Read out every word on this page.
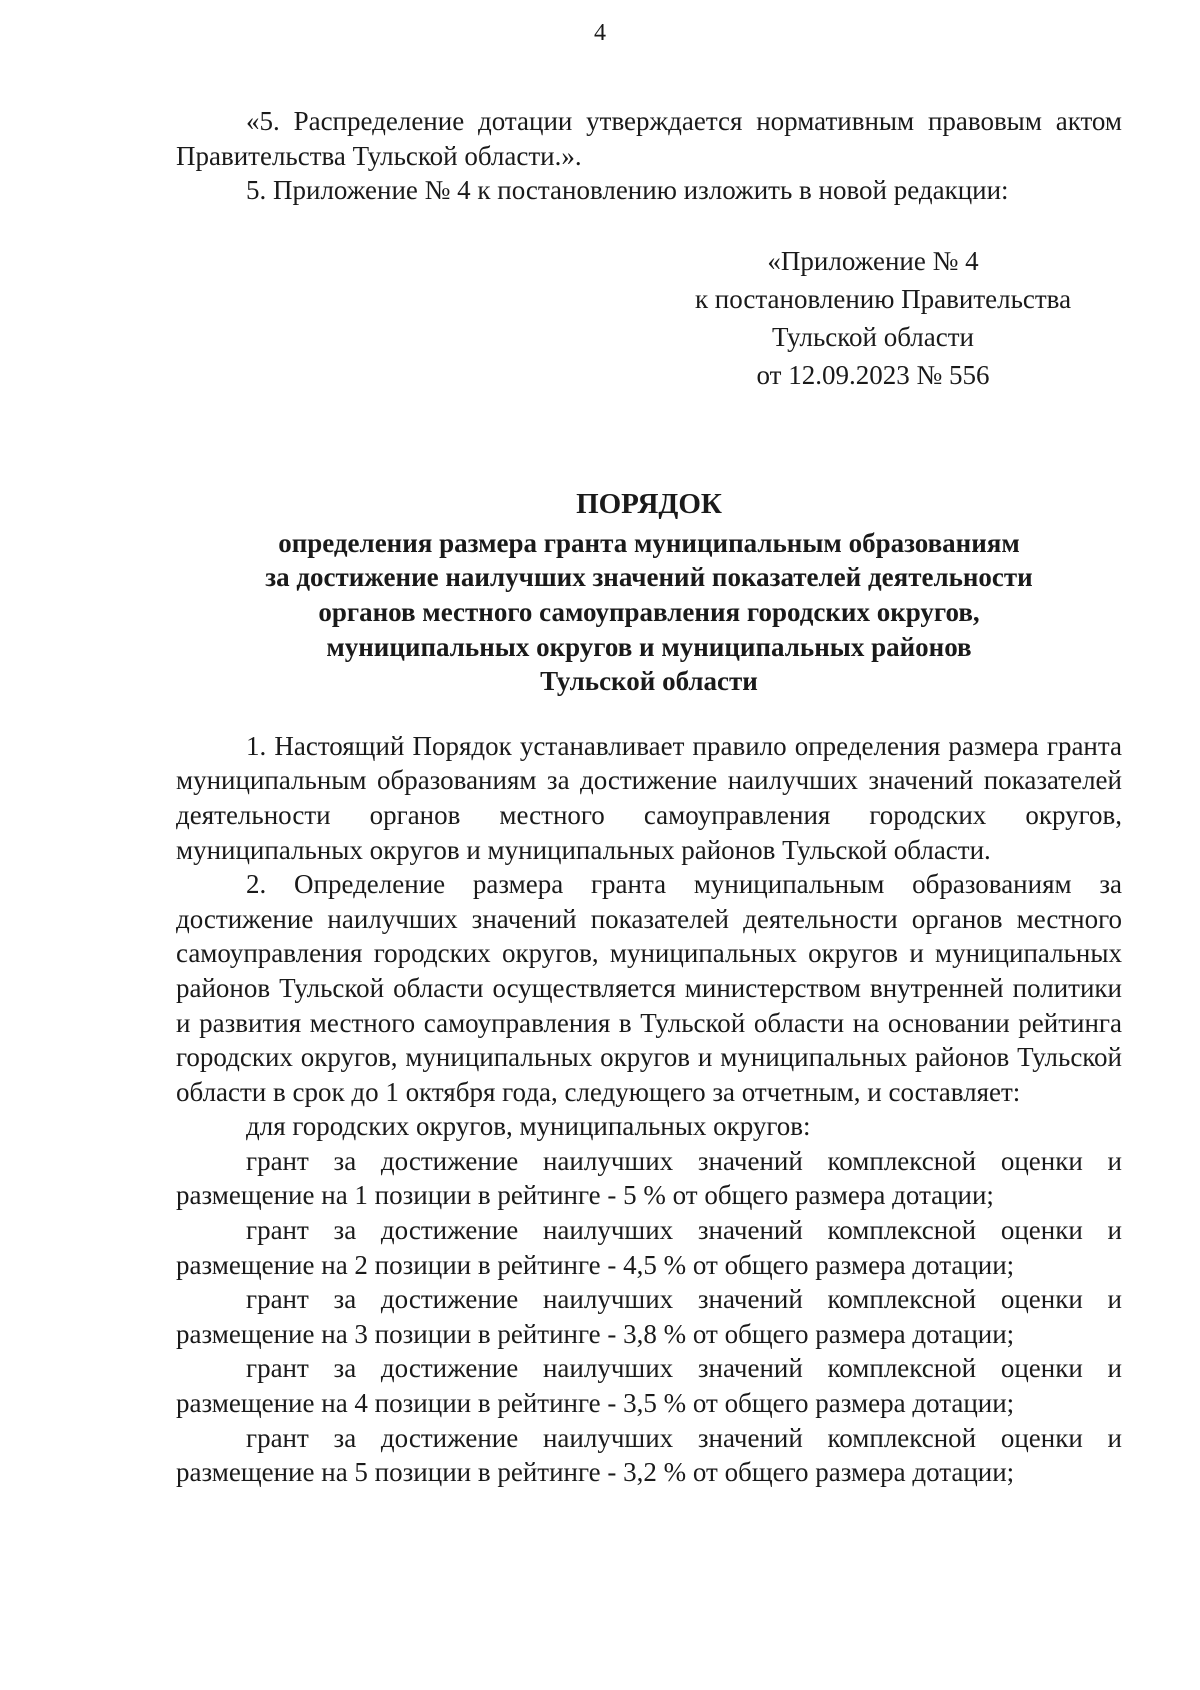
4

«5. Распределение дотации утверждается нормативным правовым актом Правительства Тульской области.».

5. Приложение № 4 к постановлению изложить в новой редакции:

«Приложение № 4
к постановлению Правительства
Тульской области
от 12.09.2023 № 556
ПОРЯДОК
определения размера гранта муниципальным образованиям
за достижение наилучших значений показателей деятельности
органов местного самоуправления городских округов,
муниципальных округов и муниципальных районов
Тульской области

1. Настоящий Порядок устанавливает правило определения размера гранта муниципальным образованиям за достижение наилучших значений показателей деятельности органов местного самоуправления городских округов, муниципальных округов и муниципальных районов Тульской области.

2. Определение размера гранта муниципальным образованиям за достижение наилучших значений показателей деятельности органов местного самоуправления городских округов, муниципальных округов и муниципальных районов Тульской области осуществляется министерством внутренней политики и развития местного самоуправления в Тульской области на основании рейтинга городских округов, муниципальных округов и муниципальных районов Тульской области в срок до 1 октября года, следующего за отчетным, и составляет:

для городских округов, муниципальных округов:

грант за достижение наилучших значений комплексной оценки и размещение на 1 позиции в рейтинге - 5 % от общего размера дотации;

грант за достижение наилучших значений комплексной оценки и размещение на 2 позиции в рейтинге - 4,5 % от общего размера дотации;

грант за достижение наилучших значений комплексной оценки и размещение на 3 позиции в рейтинге - 3,8 % от общего размера дотации;

грант за достижение наилучших значений комплексной оценки и размещение на 4 позиции в рейтинге - 3,5 % от общего размера дотации;

грант за достижение наилучших значений комплексной оценки и размещение на 5 позиции в рейтинге - 3,2 % от общего размера дотации;
